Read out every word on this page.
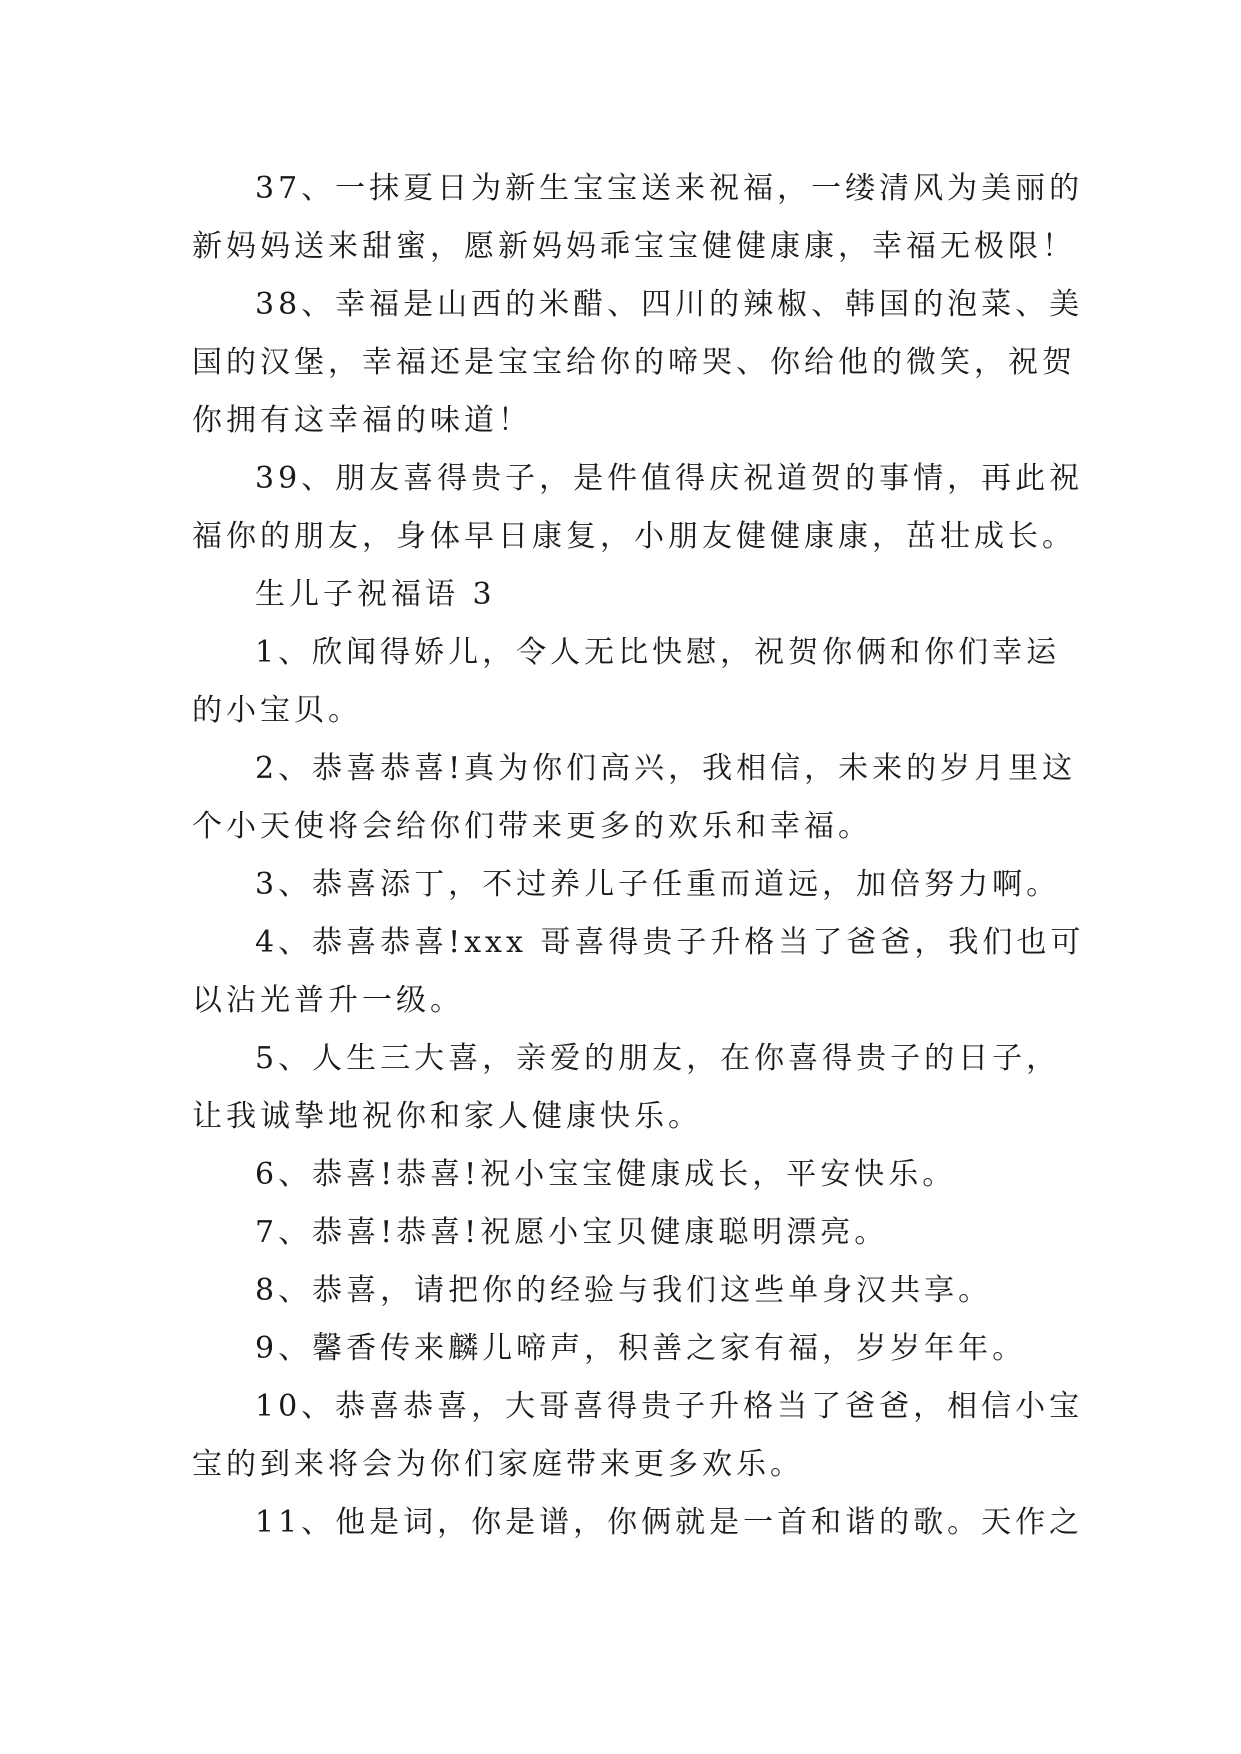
37、一抹夏日为新生宝宝送来祝福，一缕清风为美丽的
新妈妈送来甜蜜，愿新妈妈乖宝宝健健康康，幸福无极限！
38、幸福是山西的米醋、四川的辣椒、韩国的泡菜、美
国的汉堡，幸福还是宝宝给你的啼哭、你给他的微笑，祝贺
你拥有这幸福的味道！
39、朋友喜得贵子，是件值得庆祝道贺的事情，再此祝
福你的朋友，身体早日康复，小朋友健健康康，茁壮成长。
生儿子祝福语 3
1、欣闻得娇儿，令人无比快慰，祝贺你俩和你们幸运
的小宝贝。
2、恭喜恭喜!真为你们高兴，我相信，未来的岁月里这
个小天使将会给你们带来更多的欢乐和幸福。
3、恭喜添丁，不过养儿子任重而道远，加倍努力啊。
4、恭喜恭喜!xxx 哥喜得贵子升格当了爸爸，我们也可
以沾光普升一级。
5、人生三大喜，亲爱的朋友，在你喜得贵子的日子，
让我诚挚地祝你和家人健康快乐。
6、恭喜!恭喜!祝小宝宝健康成长，平安快乐。
7、恭喜!恭喜!祝愿小宝贝健康聪明漂亮。
8、恭喜，请把你的经验与我们这些单身汉共享。
9、馨香传来麟儿啼声，积善之家有福，岁岁年年。
10、恭喜恭喜，大哥喜得贵子升格当了爸爸，相信小宝
宝的到来将会为你们家庭带来更多欢乐。
11、他是词，你是谱，你俩就是一首和谐的歌。天作之
